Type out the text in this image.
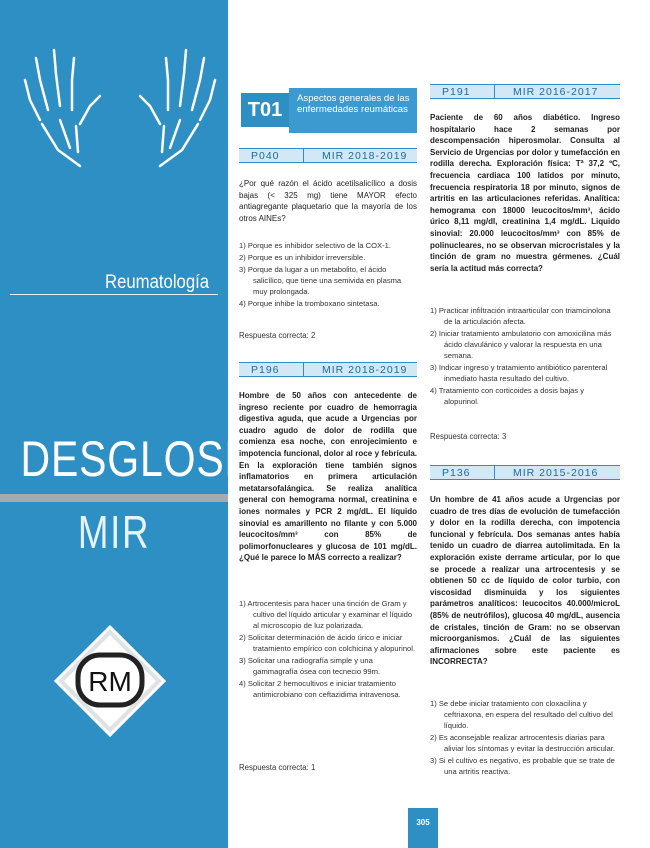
Reumatología
DESGLOSES
MIR
RM
T01	Aspectos generales de las enfermedades reumáticas
P040	MIR 2018-2019
¿Por qué razón el ácido acetilsalicílico a dosis bajas (< 325 mg) tiene MAYOR efecto antiagregante plaquetario que la mayoría de los otros AINEs?
1) Porque es inhibidor selectivo de la COX-1.
2) Porque es un inhibidor irreversible.
3) Porque da lugar a un metabolito, el ácido salicílico, que tiene una semivida en plasma muy prolongada.
4) Porque inhibe la tromboxano sintetasa.
Respuesta correcta: 2
P196	MIR 2018-2019
Hombre de 50 años con antecedente de ingreso reciente por cuadro de hemorragia digestiva aguda, que acude a Urgencias por cuadro agudo de dolor de rodilla que comienza esa noche, con enrojecimiento e impotencia funcional, dolor al roce y febrícula. En la exploración tiene también signos inflamatorios en primera articulación metatarsofalángica. Se realiza analítica general con hemograma normal, creatinina e iones normales y PCR 2 mg/dL. El líquido sinovial es amarillento no filante y con 5.000 leucocitos/mm³ con 85% de polimorfonucleares y glucosa de 101 mg/dL. ¿Qué le parece lo MÁS correcto a realizar?
1) Artrocentesis para hacer una tinción de Gram y cultivo del líquido articular y examinar el líquido al microscopio de luz polarizada.
2) Solicitar determinación de ácido úrico e iniciar tratamiento empírico con colchicina y alopurinol.
3) Solicitar una radiografía simple y una gammagrafía ósea con tecnecio 99m.
4) Solicitar 2 hemocultivos e iniciar tratamiento antimicrobiano con ceftazidima intravenosa.
Respuesta correcta: 1
P191	MIR 2016-2017
Paciente de 60 años diabético. Ingreso hospitalario hace 2 semanas por descompensación hiperosmolar. Consulta al Servicio de Urgencias por dolor y tumefacción en rodilla derecha. Exploración física: Tª 37,2 ºC, frecuencia cardiaca 100 latidos por minuto, frecuencia respiratoria 18 por minuto, signos de artritis en las articulaciones referidas. Analítica: hemograma con 18000 leucocitos/mm³, ácido úrico 8,11 mg/dl, creatinina 1,4 mg/dL. Liquido sinovial: 20.000 leucocitos/mm³ con 85% de polinucleares, no se observan microcristales y la tinción de gram no muestra gérmenes. ¿Cuál sería la actitud más correcta?
1) Practicar infiltración intraarticular con triamcinolona de la articulación afecta.
2) Iniciar tratamiento ambulatorio con amoxicilina más ácido clavulánico y valorar la respuesta en una semana.
3) Indicar ingreso y tratamiento antibiótico parenteral inmediato hasta resultado del cultivo.
4) Tratamiento con corticoides a dosis bajas y alopurinol.
Respuesta correcta: 3
P136	MIR 2015-2016
Un hombre de 41 años acude a Urgencias por cuadro de tres días de evolución de tumefacción y dolor en la rodilla derecha, con impotencia funcional y febrícula. Dos semanas antes había tenido un cuadro de diarrea autolimitada. En la exploración existe derrame articular, por lo que se procede a realizar una artrocentesis y se obtienen 50 cc de líquido de color turbio, con viscosidad disminuida y los siguientes parámetros analíticos: leucocitos 40.000/microL (85% de neutrófilos), glucosa 40 mg/dL, ausencia de cristales, tinción de Gram: no se observan microorganismos. ¿Cuál de las siguientes afirmaciones sobre este paciente es INCORRECTA?
1) Se debe iniciar tratamiento con cloxacilina y ceftriaxona, en espera del resultado del cultivo del líquido.
2) Es aconsejable realizar artrocentesis diarias para aliviar los síntomas y evitar la destrucción articular.
3) Si el cultivo es negativo, es probable que se trate de una artritis reactiva.
305
